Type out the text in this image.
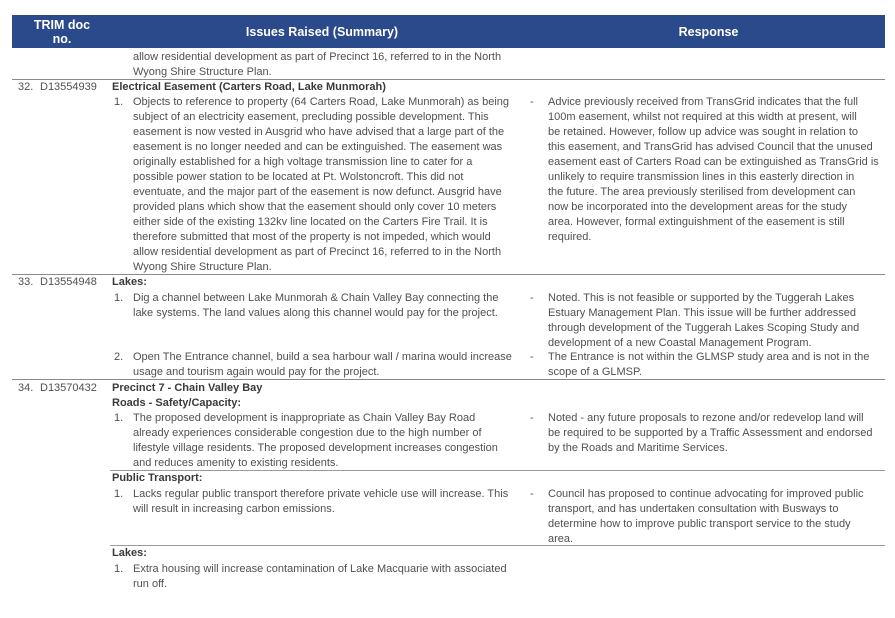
TRIM doc
no.	Issues Raised (Summary)	Response
allow residential development as part of Precinct 16, referred to in the North
Wyong Shire Structure Plan.
32. D13554939 Electrical Easement (Carters Road, Lake Munmorah)
1. Objects to reference to property (64 Carters Road, Lake Munmorah) as being
subject of an electricity easement, precluding possible development. This
easement is now vested in Ausgrid who have advised that a large part of the
easement is no longer needed and can be extinguished. The easement was
originally established for a high voltage transmission line to cater for a
possible power station to be located at Pt. Wolstoncroft. This did not
eventuate, and the major part of the easement is now defunct. Ausgrid have
provided plans which show that the easement should only cover 10 meters
either side of the existing 132kv line located on the Carters Fire Trail. It is
therefore submitted that most of the property is not impeded, which would
allow residential development as part of Precinct 16, referred to in the North
Wyong Shire Structure Plan.
- Advice previously received from TransGrid indicates that the full
100m easement, whilst not required at this width at present, will
be retained. However, follow up advice was sought in relation to
this easement, and TransGrid has advised Council that the unused
easement east of Carters Road can be extinguished as TransGrid is
unlikely to require transmission lines in this easterly direction in
the future. The area previously sterilised from development can
now be incorporated into the development areas for the study
area. However, formal extinguishment of the easement is still
required.
33. D13554948 Lakes:
1. Dig a channel between Lake Munmorah & Chain Valley Bay connecting the
lake systems. The land values along this channel would pay for the project.
- Noted. This is not feasible or supported by the Tuggerah Lakes
Estuary Management Plan. This issue will be further addressed
through development of the Tuggerah Lakes Scoping Study and
development of a new Coastal Management Program.
2. Open The Entrance channel, build a sea harbour wall / marina would increase
usage and tourism again would pay for the project.
- The Entrance is not within the GLMSP study area and is not in the
scope of a GLMSP.
34. D13570432 Precinct 7 - Chain Valley Bay
Roads - Safety/Capacity:
1. The proposed development is inappropriate as Chain Valley Bay Road
already experiences considerable congestion due to the high number of
lifestyle village residents. The proposed development increases congestion
and reduces amenity to existing residents.
- Noted - any future proposals to rezone and/or redevelop land will
be required to be supported by a Traffic Assessment and endorsed
by the Roads and Maritime Services.
Public Transport:
1. Lacks regular public transport therefore private vehicle use will increase. This
will result in increasing carbon emissions.
- Council has proposed to continue advocating for improved public
transport, and has undertaken consultation with Busways to
determine how to improve public transport service to the study
area.
Lakes:
1. Extra housing will increase contamination of Lake Macquarie with associated
run off.
